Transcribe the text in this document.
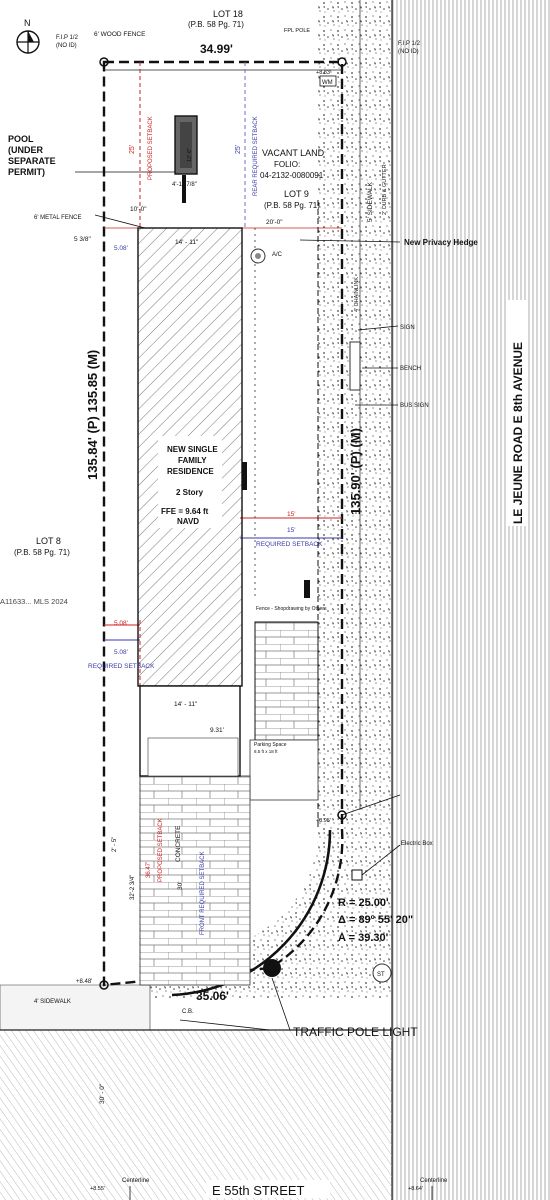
N
LOT 18
(P.B. 58 Pg. 71)
6' WOOD FENCE	FPL POLE
F.I.P 1/2
(NO ID)	F.I.P 1/2
(NO ID)
34.99'
WM
POOL
(UNDER
SEPARATE
PERMIT)
12'-6"
4'-11 7/8"
VACANT LAND
FOLIO:
04-2132-0080091
LOT 9
(P.B. 58 Pg. 71)
6' METAL FENCE
New Privacy Hedge
A/C
SIGN
BENCH
BUS SIGN
5' SIDEWALK 2' CURB & GUTTER
4' CHAINLINK
Fence - Shopdrawing by Others
Parking Space
8.5 ft x 18 ft
CONCRETE	Electric Box
TRAFFIC POLE LIGHT
4' SIDEWALK
C.B.
ST
A11633... MLS 2024
LOT 8
(P.B. 58 Pg. 71)
NEW SINGLE
FAMILY
RESIDENCE
2 Story
FFE = 9.64 ft
NAVD
PROPOSED SETBACK	REAR REQUIRED SETBACK
REQUIRED SETBACK
REQUIRED SETBACK
PROPOSED SETBACK
FRONT REQUIRED SETBACK
25'	25'
10'-0"
20'-0"
5 3/8"
5.08'
14' - 11"
15'
15'
5.08'
5.08'
14' - 11"
9.31'
2' - 5"
32'-2 3/4"	30'
36.47'
30' - 0"
+8.48'
+8.83'
+8.95'
+8.55'	+8.64'
135.84' (P) 135.85 (M)	135.90' (P) (M)
35.06'
R = 25.00'
Δ = 89º 55' 20"
A = 39.30'
LE JEUNE ROAD E 8th AVENUE
E 55th STREET
Centerline	Centerline
